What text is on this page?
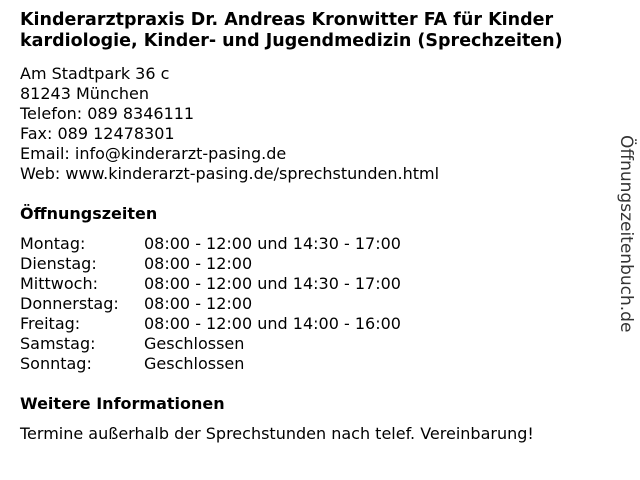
Kinderarztpraxis Dr. Andreas Kronwitter FA für Kinder
kardiologie, Kinder- und Jugendmedizin (Sprechzeiten)
Am Stadtpark 36 c
81243 München
Telefon: 089 8346111
Fax: 089 12478301
Email: info@kinderarzt-pasing.de
Web: www.kinderarzt-pasing.de/sprechstunden.html
Öffnungszeiten
Montag:	08:00 - 12:00 und 14:30 - 17:00
Dienstag:	08:00 - 12:00
Mittwoch:	08:00 - 12:00 und 14:30 - 17:00
Donnerstag:	08:00 - 12:00
Freitag:	08:00 - 12:00 und 14:00 - 16:00
Samstag:	Geschlossen
Sonntag:	Geschlossen
Weitere Informationen
Termine außerhalb der Sprechstunden nach telef. Vereinbarung!
Öffnungszeitenbuch.de
